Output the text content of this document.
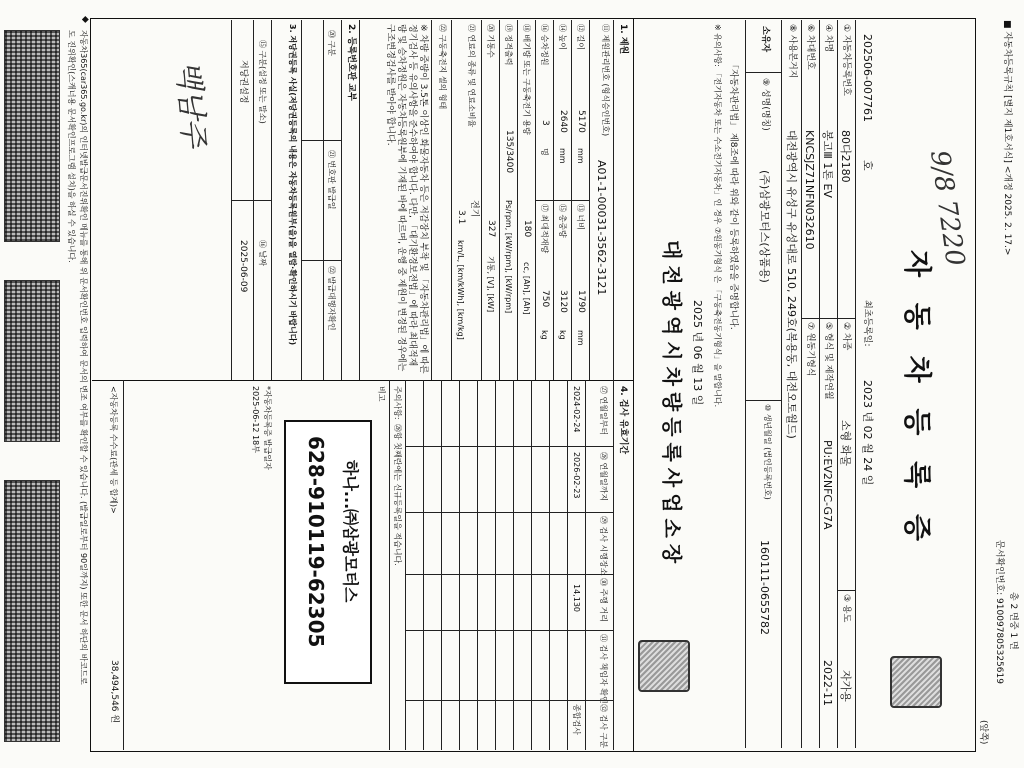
■ 자동차등록규칙 [별지 제1호서식] <개정 2025. 2. 17.>
총 2 면중 1 면
문서확인번호: 910097805325619
(앞쪽)
9/8 7220
자 동 차 등 록 증
202506-007761
호
최초등록일:
2023 년 02 월 24 일
① 자동차등록번호
80다2180
② 차종
소형 화물
③ 용도
자가용
④ 차명
봉고Ⅲ 1톤 EV
⑤ 형식 및 제작연월
PU:EV2NFC-G7A
2022-11
⑥ 차대번호
KNCSJZ71NFN032610
⑦ 원동기형식
⑧ 사용본거지
대전광역시 유성구 유성대로 510, 249호(복용동, 대전오토월드)
소유자
⑨ 성명(명칭)
(주)삼광모터스(상품용)
⑩ 생년월일 (법인등록번호)
160111-0655782
「자동차관리법」 제8조에 따라 위와 같이 등록하였음을 증명합니다.
※ 유의사항: 「전기자동차 또는 수소전기자동차」인 경우 ⑦원동기형식 은 「구동축전동기형식」을 말합니다.
2025 년 06 월 13 일
대전광역시차량등록사업소장
1. 제원
⑪ 제원관리번호 (형식승인번호)
A01-1-00031-3562-3121
⑫ 길이
5170
mm
⑬ 너비
1790
mm
⑭ 높이
2640
mm
⑮ 총중량
3120
kg
⑯ 승차정원
3
명
⑰ 최대적재량
750
kg
⑱ 배기량 또는 구동축전기 용량
180
cc, [Ah], [Ah]
⑲ 정격출력
135/3400
Ps/rpm, [kW/rpm], [kW/rpm]
⑳ 기통수
327
기통, [V], [kW]
㉑ 연료의 종류 및 연료소비율
전기
3.1
km/L, [km/kWh], [km/kg]
㉒ 구동축전지 셀의 형태
※ 차량 중량이 3.5톤 이상인 화물자동차 등은 저감장치 부착 및 「자동차관리법」에 따른 정기검사 등 유의사항을 준수하여야 합니다. 다만, 「대기환경보전법」에 따라 최대적재량 및 승차정원은 자동차등록원부에 기재된 바에 따르며, 운행 중 제원이 변경된 경우에는 구조변경검사를 받아야 합니다.
2. 등록번호판 교부
⑳ 구분
㉑ 번호판 발급일
㉒ 발급대행자확인
3. 저당권등록 사실(저당권등록의 내용은 자동차등록원부(을)을 열람·확인하시기 바랍니다)
⑮ 구분(설정 또는 말소)
⑯ 날짜
저당권설정
2025-06-09
백남주
4. 검사 유효기간
㉗ 연월일부터
㉘ 연월일까지
㉙ 검사 시행장소
㉚ 주행 거리
㉛ 검사 책임자 확인
㉜ 검사 구분
2024-02-24
2026-02-23
14,130
종합검사
주의사항:
㉘항 첫째란에는 신규등록일을 적습니다.
비고
하나...㈜삼광모터스
628-910119-62305
*자동차등록증 발급일자
2025-06-12 18부
<자동차등록 수수료(관세 등 합계)>
38,494,546 원
◆
자동차365(car365.go.kr)의 인터넷발급문서진위확인 메뉴를 통해 위 문서확인번호 입력하여 문서의 변조 여부를 확인할 수 있습니다. (발급일로부터 90일까지) 또한 문서 하단의 바코드로
도 진위확인(스캐너용 문서확인프로그램 설치)을 하실 수 있습니다.
